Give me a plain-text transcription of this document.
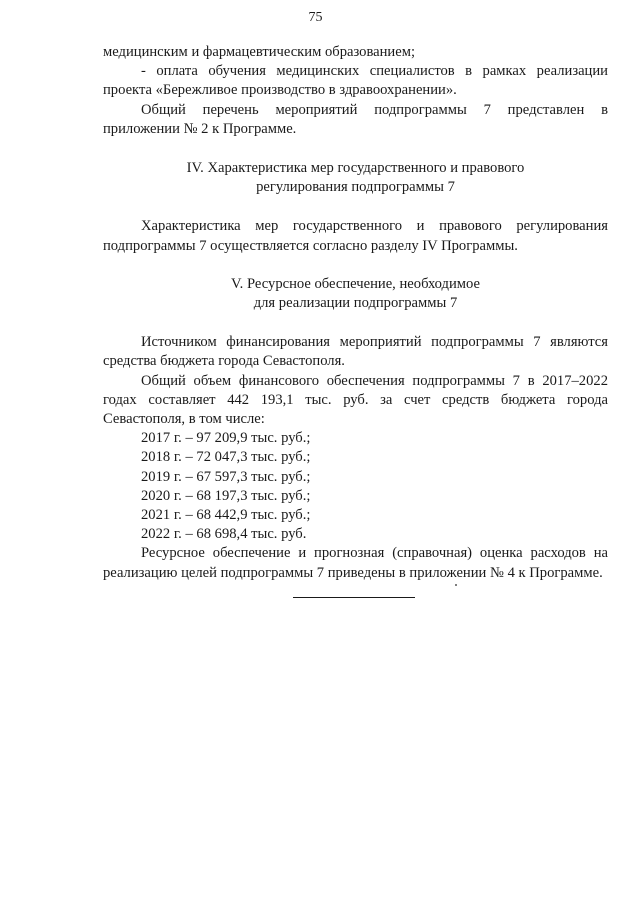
75

медицинским и фармацевтическим образованием;

- оплата обучения медицинских специалистов в рамках реализации проекта «Бережливое производство в здравоохранении».

Общий перечень мероприятий подпрограммы 7 представлен в приложении № 2 к Программе.

IV. Характеристика мер государственного и правового

регулирования подпрограммы 7

Характеристика мер государственного и правового регулирования подпрограммы 7 осуществляется согласно разделу IV Программы.

V. Ресурсное обеспечение, необходимое

для реализации подпрограммы 7

Источником финансирования мероприятий подпрограммы 7 являются средства бюджета города Севастополя.

Общий объем финансового обеспечения подпрограммы 7 в 2017–2022 годах составляет 442 193,1 тыс. руб. за счет средств бюджета города Севастополя, в том числе:

2017 г. – 97 209,9 тыс. руб.;

2018 г. – 72 047,3 тыс. руб.;

2019 г. – 67 597,3 тыс. руб.;

2020 г. – 68 197,3 тыс. руб.;

2021 г. – 68 442,9 тыс. руб.;

2022 г. – 68 698,4 тыс. руб.

Ресурсное обеспечение и прогнозная (справочная) оценка расходов на реализацию целей подпрограммы 7 приведены в приложении № 4 к Программе.
